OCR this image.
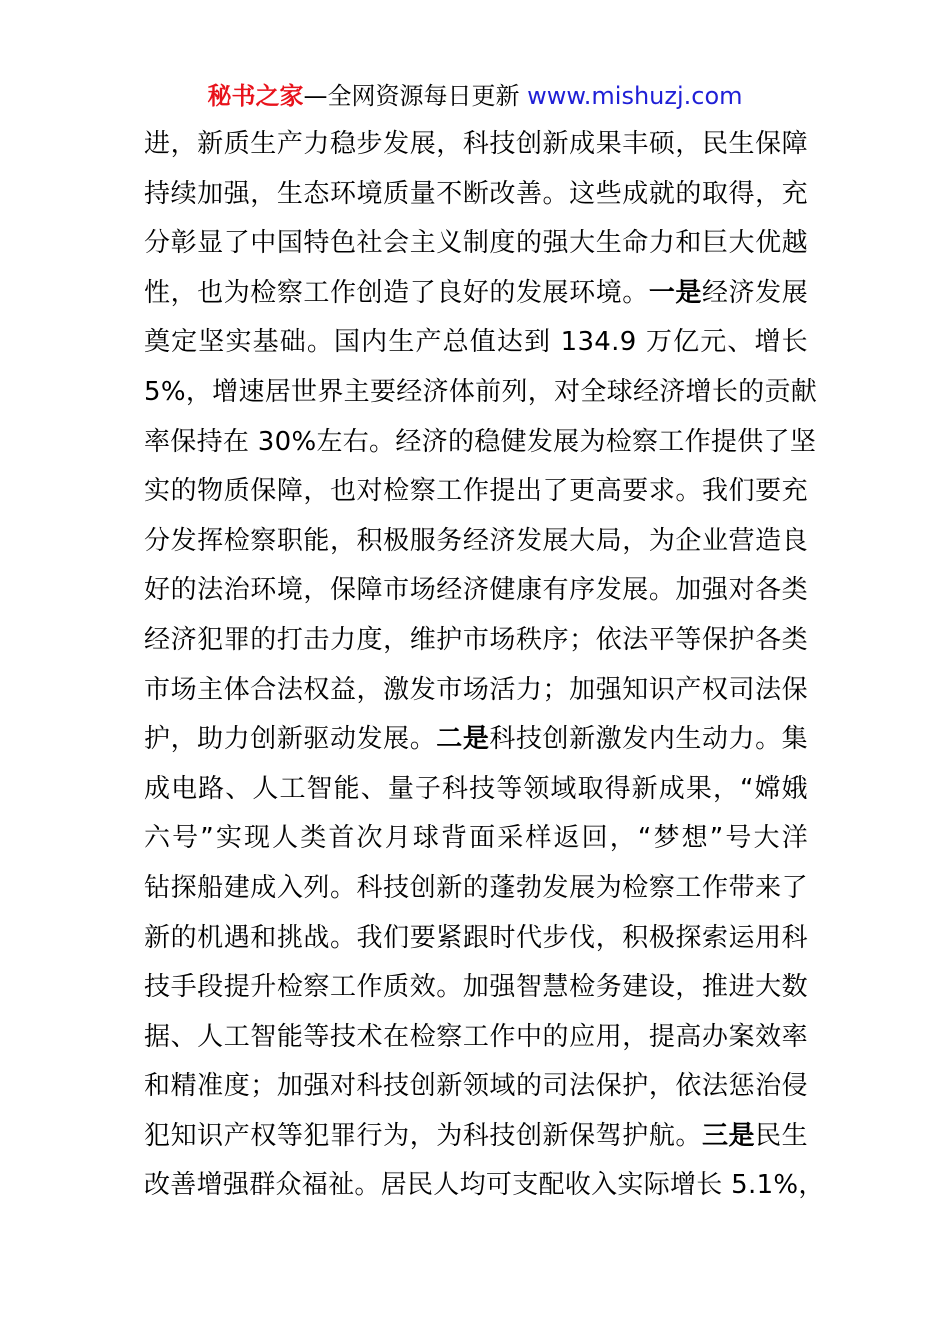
秘书之家—全网资源每日更新 www.mishuzj.com
进，新质生产力稳步发展，科技创新成果丰硕，民生保障
持续加强，生态环境质量不断改善。这些成就的取得，充
分彰显了中国特色社会主义制度的强大生命力和巨大优越
性，也为检察工作创造了良好的发展环境。一是经济发展
奠定坚实基础。国内生产总值达到 134.9 万亿元、增长
5%，增速居世界主要经济体前列，对全球经济增长的贡献
率保持在 30%左右。经济的稳健发展为检察工作提供了坚
实的物质保障，也对检察工作提出了更高要求。我们要充
分发挥检察职能，积极服务经济发展大局，为企业营造良
好的法治环境，保障市场经济健康有序发展。加强对各类
经济犯罪的打击力度，维护市场秩序；依法平等保护各类
市场主体合法权益，激发市场活力；加强知识产权司法保
护，助力创新驱动发展。二是科技创新激发内生动力。集
成电路、人工智能、量子科技等领域取得新成果，“嫦娥
六号”实现人类首次月球背面采样返回，“梦想”号大洋
钻探船建成入列。科技创新的蓬勃发展为检察工作带来了
新的机遇和挑战。我们要紧跟时代步伐，积极探索运用科
技手段提升检察工作质效。加强智慧检务建设，推进大数
据、人工智能等技术在检察工作中的应用，提高办案效率
和精准度；加强对科技创新领域的司法保护，依法惩治侵
犯知识产权等犯罪行为，为科技创新保驾护航。三是民生
改善增强群众福祉。居民人均可支配收入实际增长 5.1%，
